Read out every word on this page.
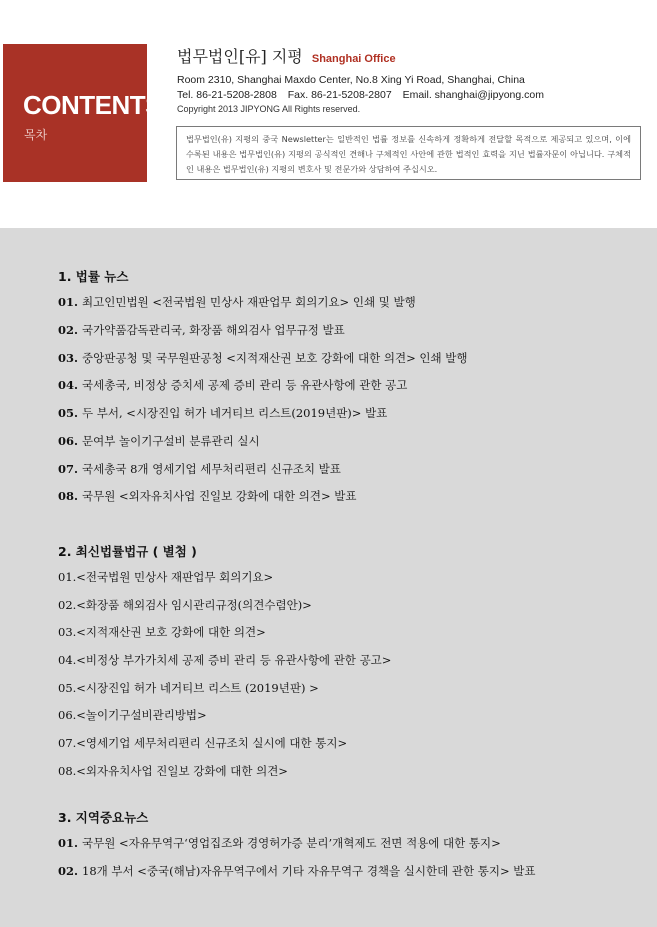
CONTENTS
목차
법무법인[유] 지평 Shanghai Office
Room 2310, Shanghai Maxdo Center, No.8 Xing Yi Road, Shanghai, China
Tel. 86-21-5208-2808 Fax. 86-21-5208-2807 Email. shanghai@jipyong.com
Copyright 2013 JIPYONG All Rights reserved.
법무법인(유) 지평의 중국 Newsletter는 일반적인 법률 정보를 신속하게 정확하게 전달할 목적으로 제공되고 있으며, 이에 수록된 내용은 법무법인(유) 지평의 공식적인 견해나 구체적인 사안에 관한 법적인 효력을 지닌 법률자문이 아닙니다. 구체적인 내용은 법무법인(유) 지평의 변호사 및 전문가와 상담하여 주십시오.
1. 법률 뉴스
01. 최고인민법원 <전국법원 민상사 재판업무 회의기요> 인쇄 및 발행
02. 국가약품감독관리국, 화장품 해외검사 업무규정 발표
03. 중앙판공청 및 국무원판공청 <지적재산권 보호 강화에 대한 의견> 인쇄 발행
04. 국세총국, 비정상 증치세 공제 증비 관리 등 유관사항에 관한 공고
05. 두 부서, <시장진입 허가 네거티브 리스트(2019년판)> 발표
06. 문여부 놀이기구설비 분류관리 실시
07. 국세총국 8개 영세기업 세무처리편리 신규조치 발표
08. 국무원 <외자유치사업 진일보 강화에 대한 의견> 발표
2. 최신법률법규 ( 별첨 )
01.<전국법원 민상사 재판업무 회의기요>
02.<화장품 해외검사 임시관리규정(의견수렴안)>
03.<지적재산권 보호 강화에 대한 의견>
04.<비정상 부가가치세 공제 증비 관리 등 유관사항에 관한 공고>
05.<시장진입 허가 네거티브 리스트 (2019년판) >
06.<놀이기구설비관리방법>
07.<영세기업 세무처리편리 신규조치 실시에 대한 통지>
08.<외자유치사업 진일보 강화에 대한 의견>
3. 지역중요뉴스
01. 국무원 <자유무역구‘영업집조와 경영허가증 분리’개혁제도 전면 적용에 대한 통지>
02. 18개 부서 <중국(해남)자유무역구에서 기타 자유무역구 경책을 실시한데 관한 통지> 발표
